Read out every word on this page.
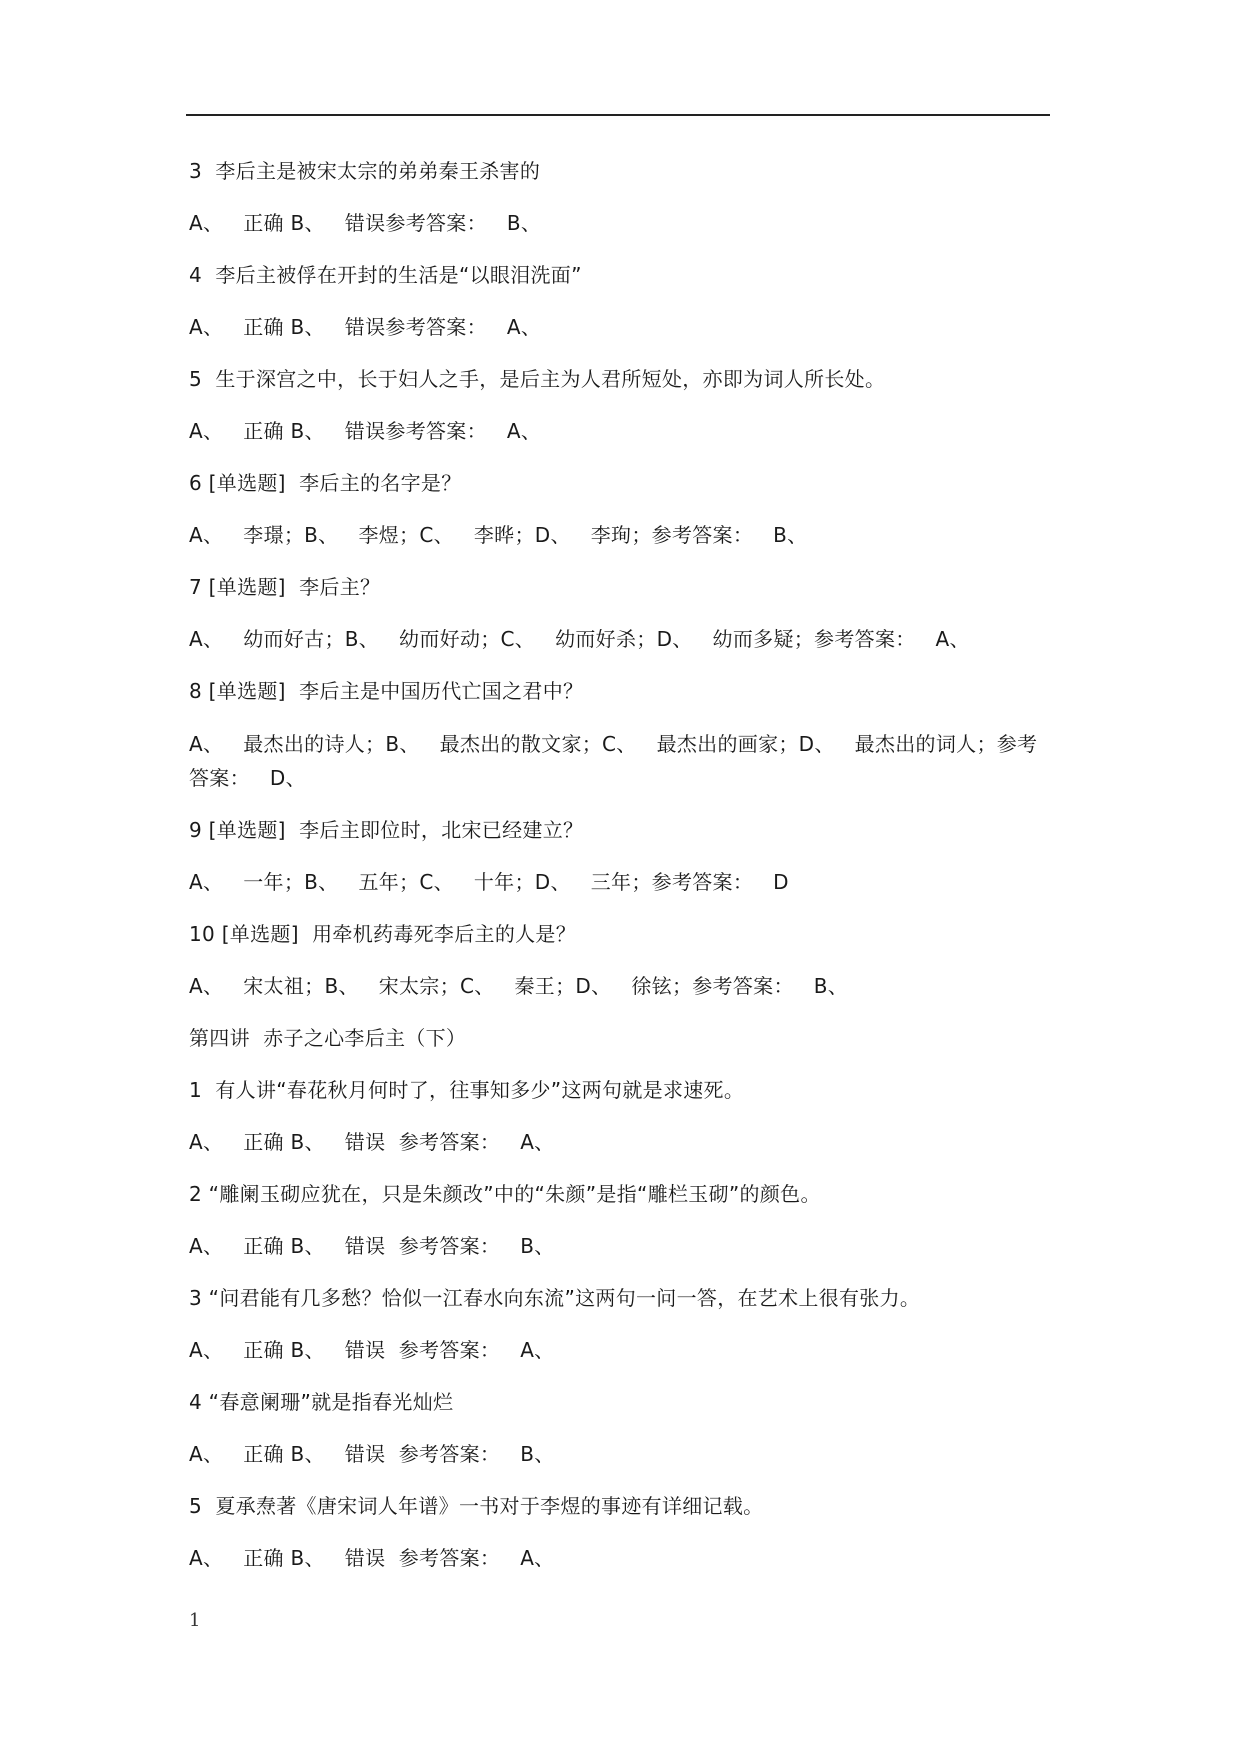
3  李后主是被宋太宗的弟弟秦王杀害的

A、   正确 B、   错误参考答案：   B、

4  李后主被俘在开封的生活是“以眼泪洗面”

A、   正确 B、   错误参考答案：   A、

5  生于深宫之中，长于妇人之手，是后主为人君所短处，亦即为词人所长处。

A、   正确 B、   错误参考答案：   A、

6 [单选题]  李后主的名字是？

A、   李璟；B、   李煜；C、   李晔；D、   李珣；参考答案：   B、

7 [单选题]  李后主？

A、   幼而好古；B、   幼而好动；C、   幼而好杀；D、   幼而多疑；参考答案：   A、

8 [单选题]  李后主是中国历代亡国之君中？

A、   最杰出的诗人；B、   最杰出的散文家；C、   最杰出的画家；D、   最杰出的词人；参考答案：   D、

9 [单选题]  李后主即位时，北宋已经建立？

A、   一年；B、   五年；C、   十年；D、   三年；参考答案：   D

10 [单选题]  用牵机药毒死李后主的人是？

A、   宋太祖；B、   宋太宗；C、   秦王；D、   徐铉；参考答案：   B、

第四讲  赤子之心李后主（下）

1  有人讲“春花秋月何时了，往事知多少”这两句就是求速死。

A、   正确 B、   错误  参考答案：   A、

2 “雕阑玉砌应犹在，只是朱颜改”中的“朱颜”是指“雕栏玉砌”的颜色。

A、   正确 B、   错误  参考答案：   B、

3 “问君能有几多愁？恰似一江春水向东流”这两句一问一答，在艺术上很有张力。

A、   正确 B、   错误  参考答案：   A、

4 “春意阑珊”就是指春光灿烂

A、   正确 B、   错误  参考答案：   B、

5  夏承焘著《唐宋词人年谱》一书对于李煜的事迹有详细记载。

A、   正确 B、   错误  参考答案：   A、

1
